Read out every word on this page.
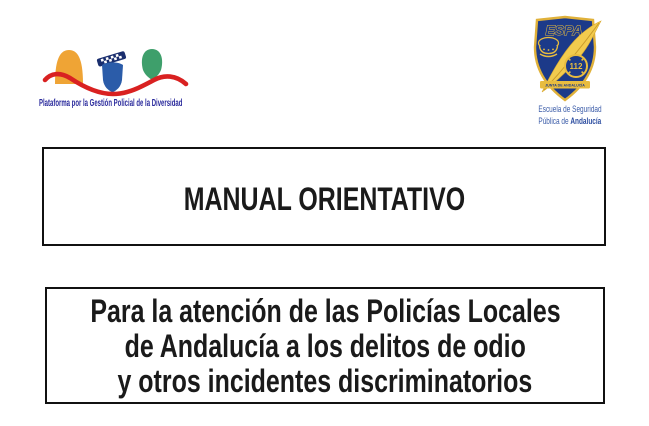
Plataforma por la Gestión Policial de la Diversidad
ESPA
112
JUNTA DE ANDALUCÍA
Escuela de Seguridad
Pública de Andalucía
MANUAL ORIENTATIVO
Para la atención de las Policías Locales
de Andalucía a los delitos de odio
y otros incidentes discriminatorios
